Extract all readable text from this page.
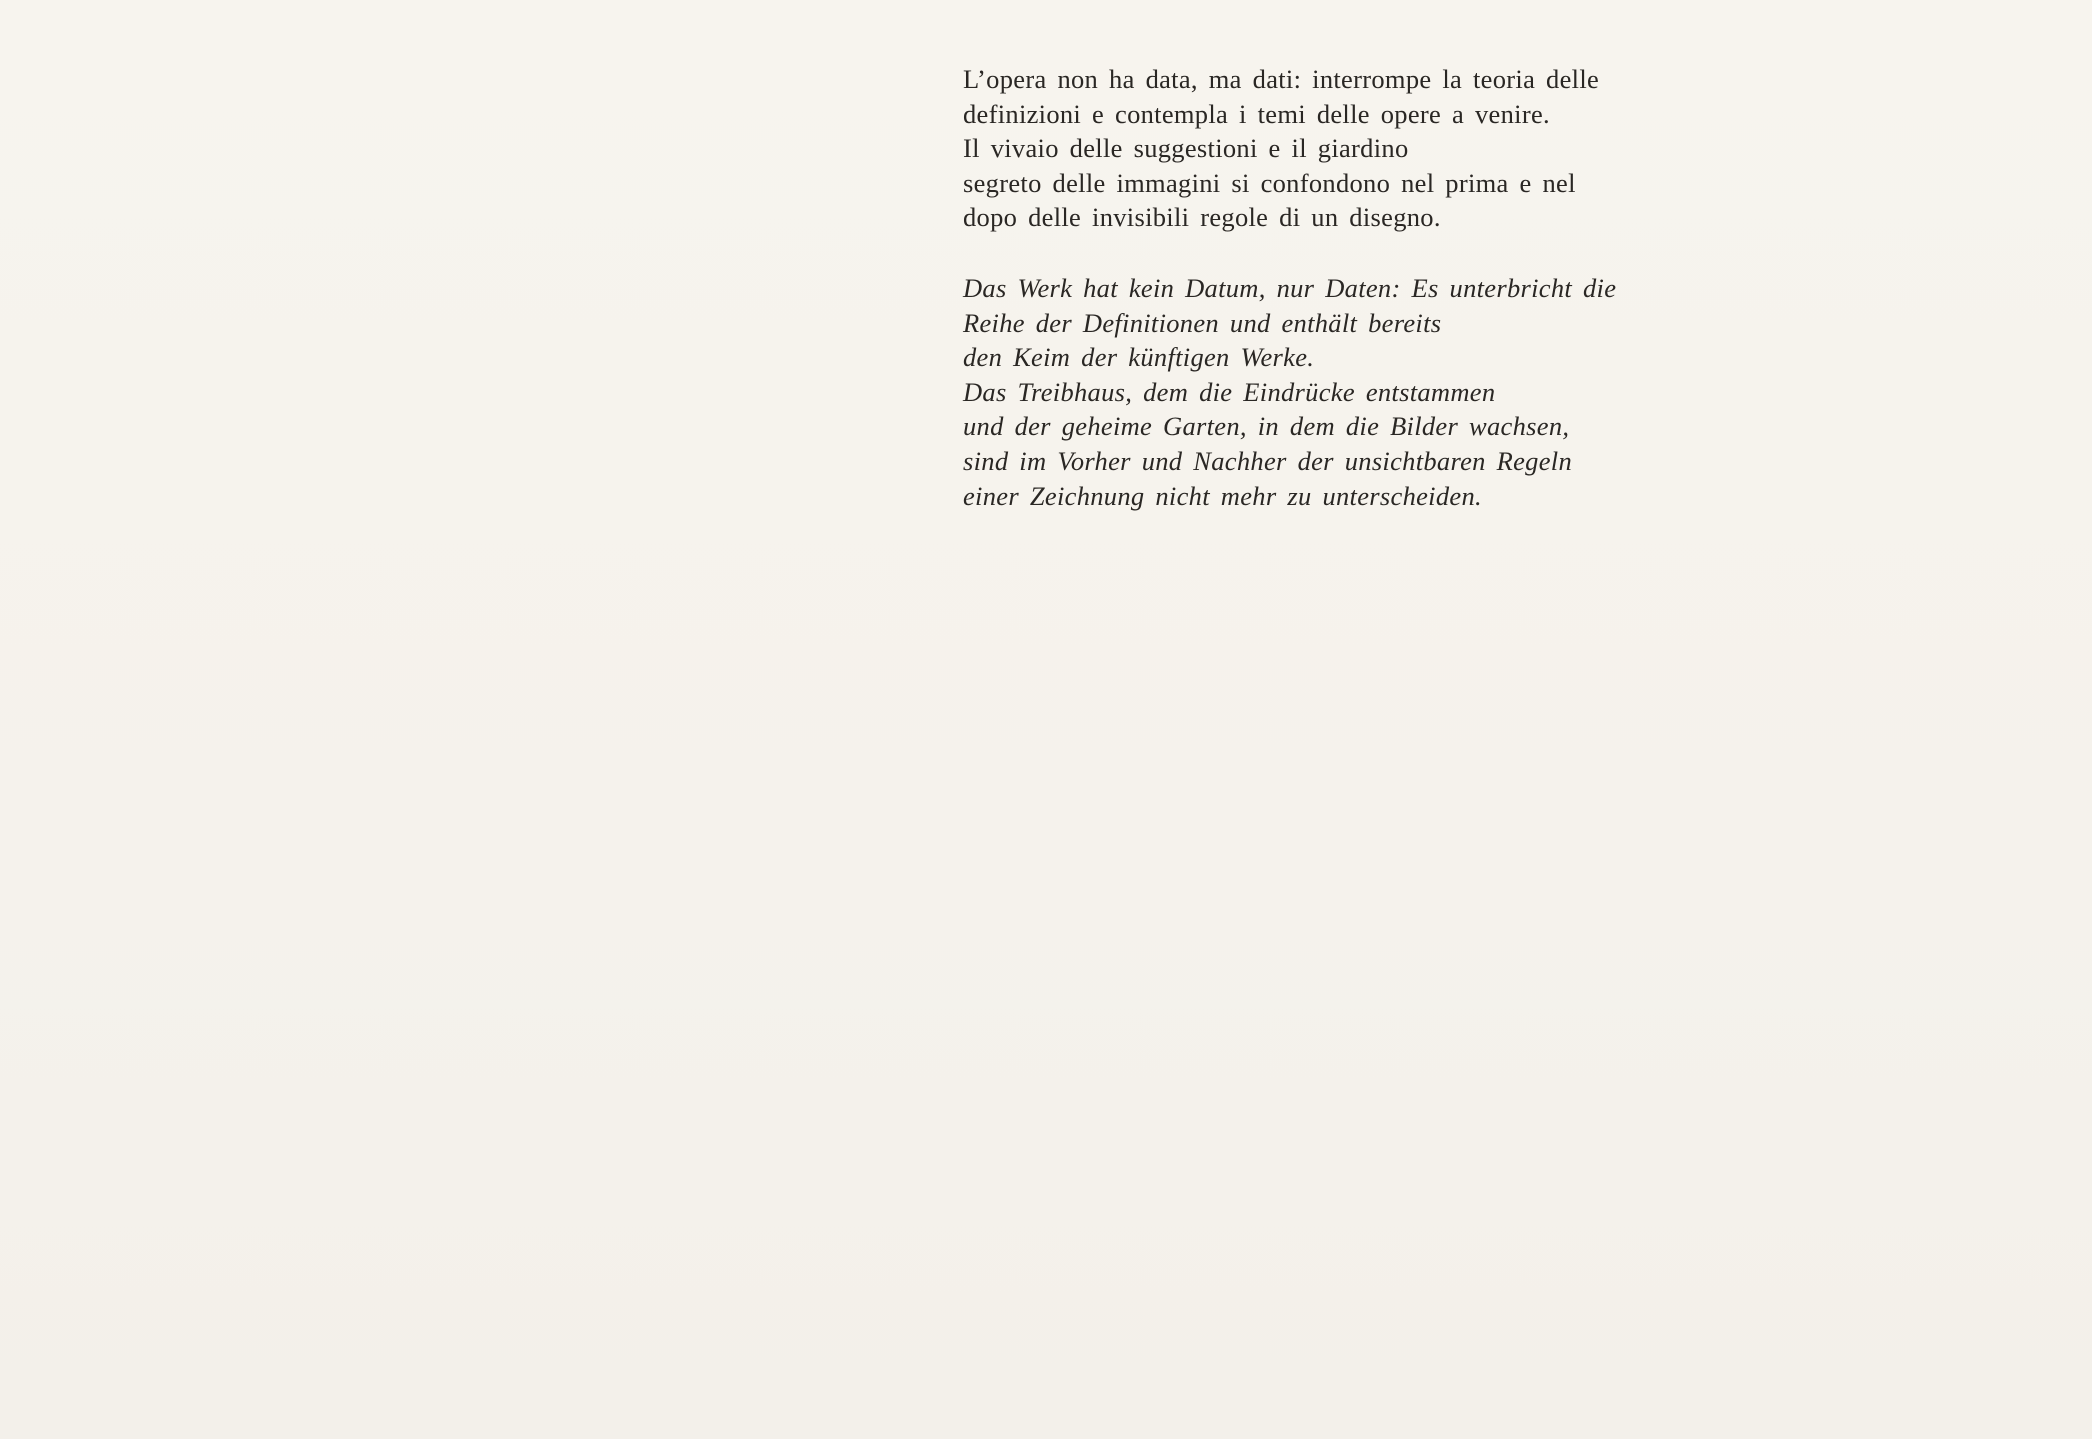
L’opera non ha data, ma dati: interrompe la teoria delle
definizioni e contempla i temi delle opere a venire.
Il vivaio delle suggestioni e il giardino
segreto delle immagini si confondono nel prima e nel
dopo delle invisibili regole di un disegno.
Das Werk hat kein Datum, nur Daten: Es unterbricht die
Reihe der Definitionen und enthält bereits
den Keim der künftigen Werke.
Das Treibhaus, dem die Eindrücke entstammen
und der geheime Garten, in dem die Bilder wachsen,
sind im Vorher und Nachher der unsichtbaren Regeln
einer Zeichnung nicht mehr zu unterscheiden.
